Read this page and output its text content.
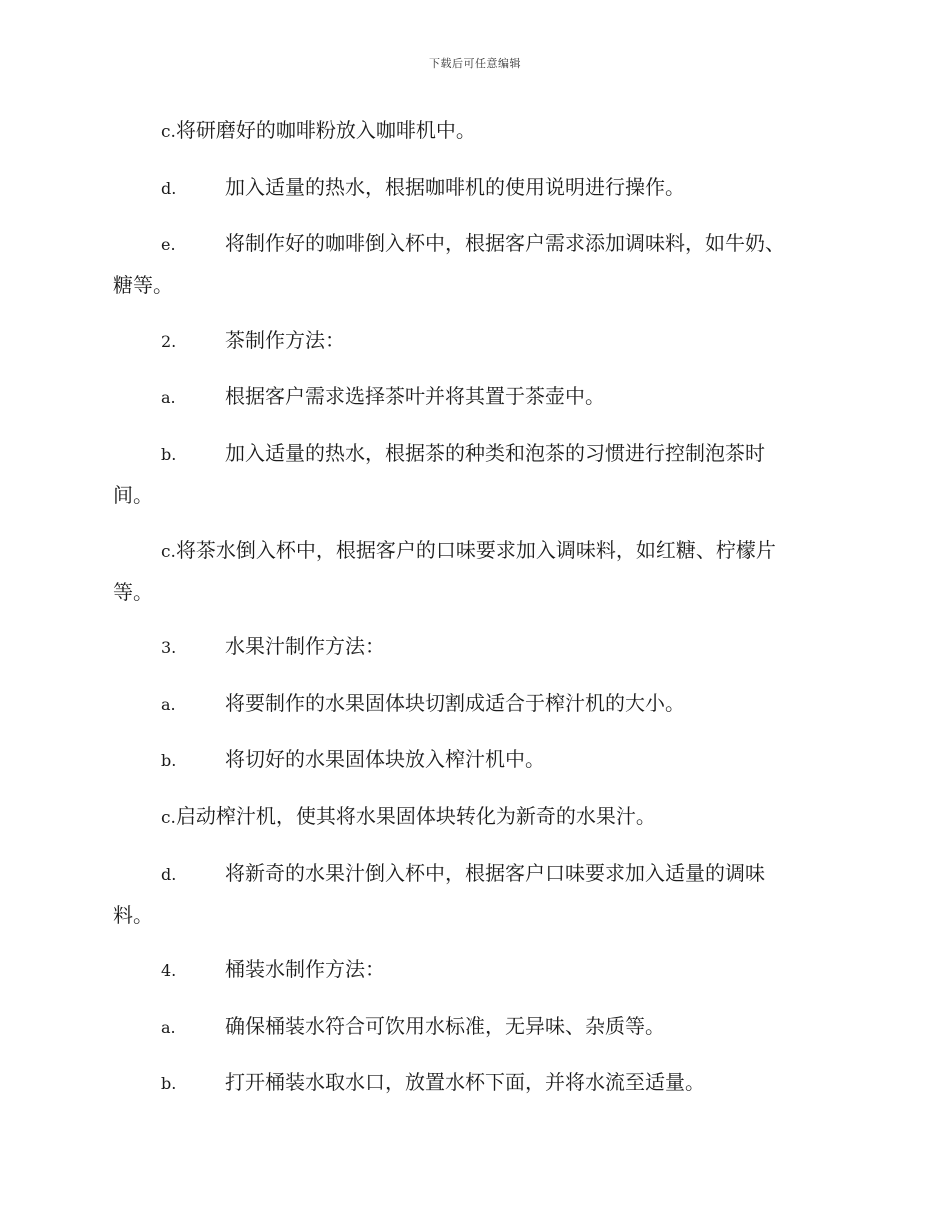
下载后可任意编辑
c.将研磨好的咖啡粉放入咖啡机中。
d. 加入适量的热水，根据咖啡机的使用说明进行操作。
e. 将制作好的咖啡倒入杯中，根据客户需求添加调味料，如牛奶、
糖等。
2. 茶制作方法：
a. 根据客户需求选择茶叶并将其置于茶壶中。
b. 加入适量的热水，根据茶的种类和泡茶的习惯进行控制泡茶时
间。
c.将茶水倒入杯中，根据客户的口味要求加入调味料，如红糖、柠檬片
等。
3. 水果汁制作方法：
a. 将要制作的水果固体块切割成适合于榨汁机的大小。
b. 将切好的水果固体块放入榨汁机中。
c.启动榨汁机，使其将水果固体块转化为新奇的水果汁。
d. 将新奇的水果汁倒入杯中，根据客户口味要求加入适量的调味
料。
4. 桶装水制作方法：
a. 确保桶装水符合可饮用水标准，无异味、杂质等。
b. 打开桶装水取水口，放置水杯下面，并将水流至适量。
